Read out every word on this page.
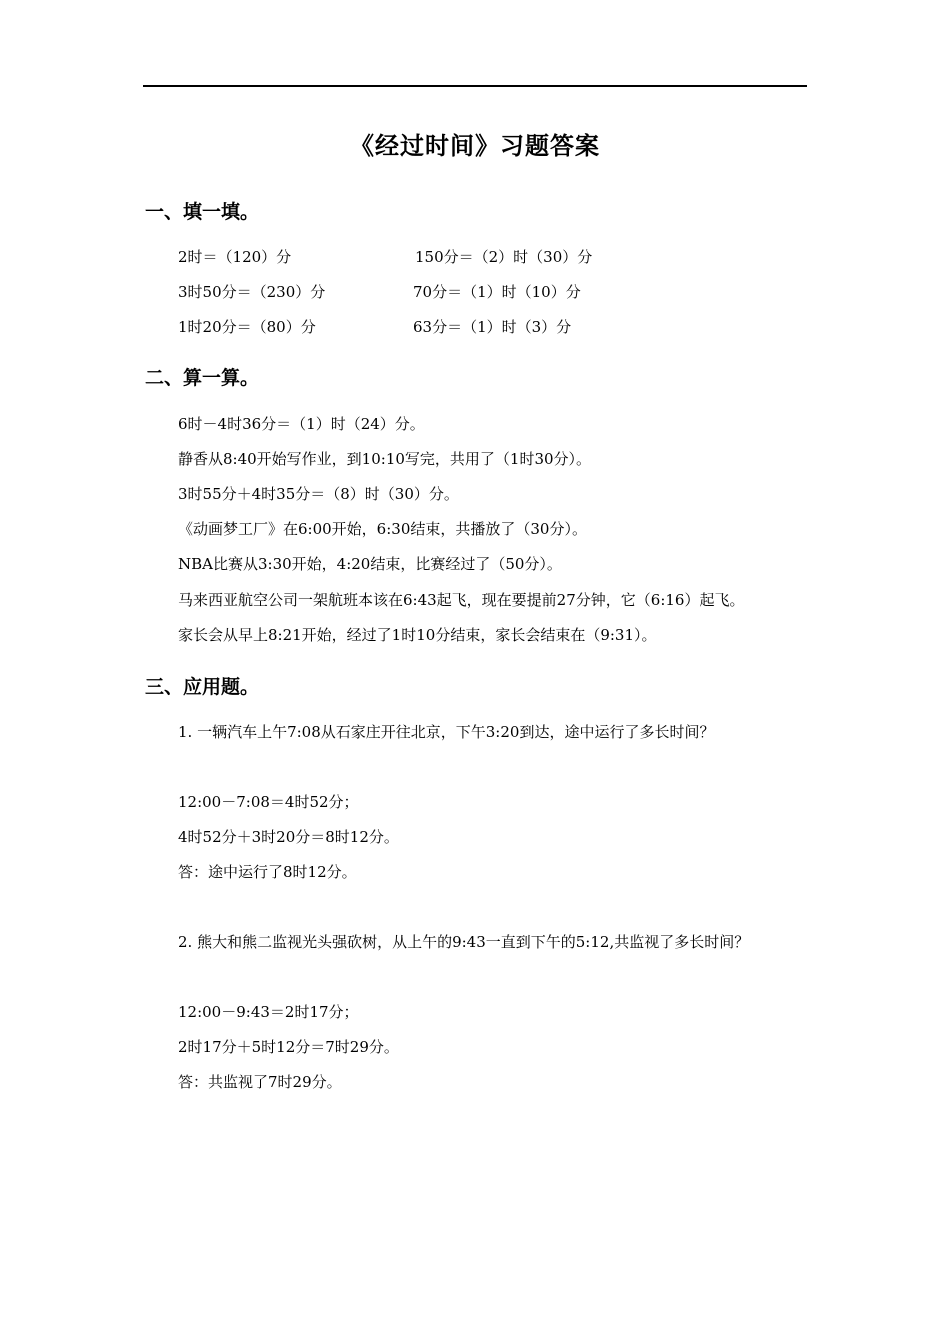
《经过时间》习题答案
一、填一填。
2时＝（120）分	150分＝（2）时（30）分
3时50分＝（230）分	70分＝（1）时（10）分
1时20分＝（80）分	63分＝（1）时（3）分
二、算一算。
6时－4时36分＝（1）时（24）分。
静香从8:40开始写作业，到10:10写完，共用了（1时30分）。
3时55分＋4时35分＝（8）时（30）分。
《动画梦工厂》在6:00开始，6:30结束，共播放了（30分）。
NBA比赛从3:30开始，4:20结束，比赛经过了（50分）。
马来西亚航空公司一架航班本该在6:43起飞，现在要提前27分钟，它（6:16）起飞。
家长会从早上8:21开始，经过了1时10分结束，家长会结束在（9:31）。
三、应用题。
1. 一辆汽车上午7:08从石家庄开往北京，下午3:20到达，途中运行了多长时间？
12:00－7:08＝4时52分；
4时52分＋3时20分＝8时12分。
答：途中运行了8时12分。
2. 熊大和熊二监视光头强砍树，从上午的9:43一直到下午的5:12,共监视了多长时间？
12:00－9:43＝2时17分；
2时17分＋5时12分＝7时29分。
答：共监视了7时29分。
